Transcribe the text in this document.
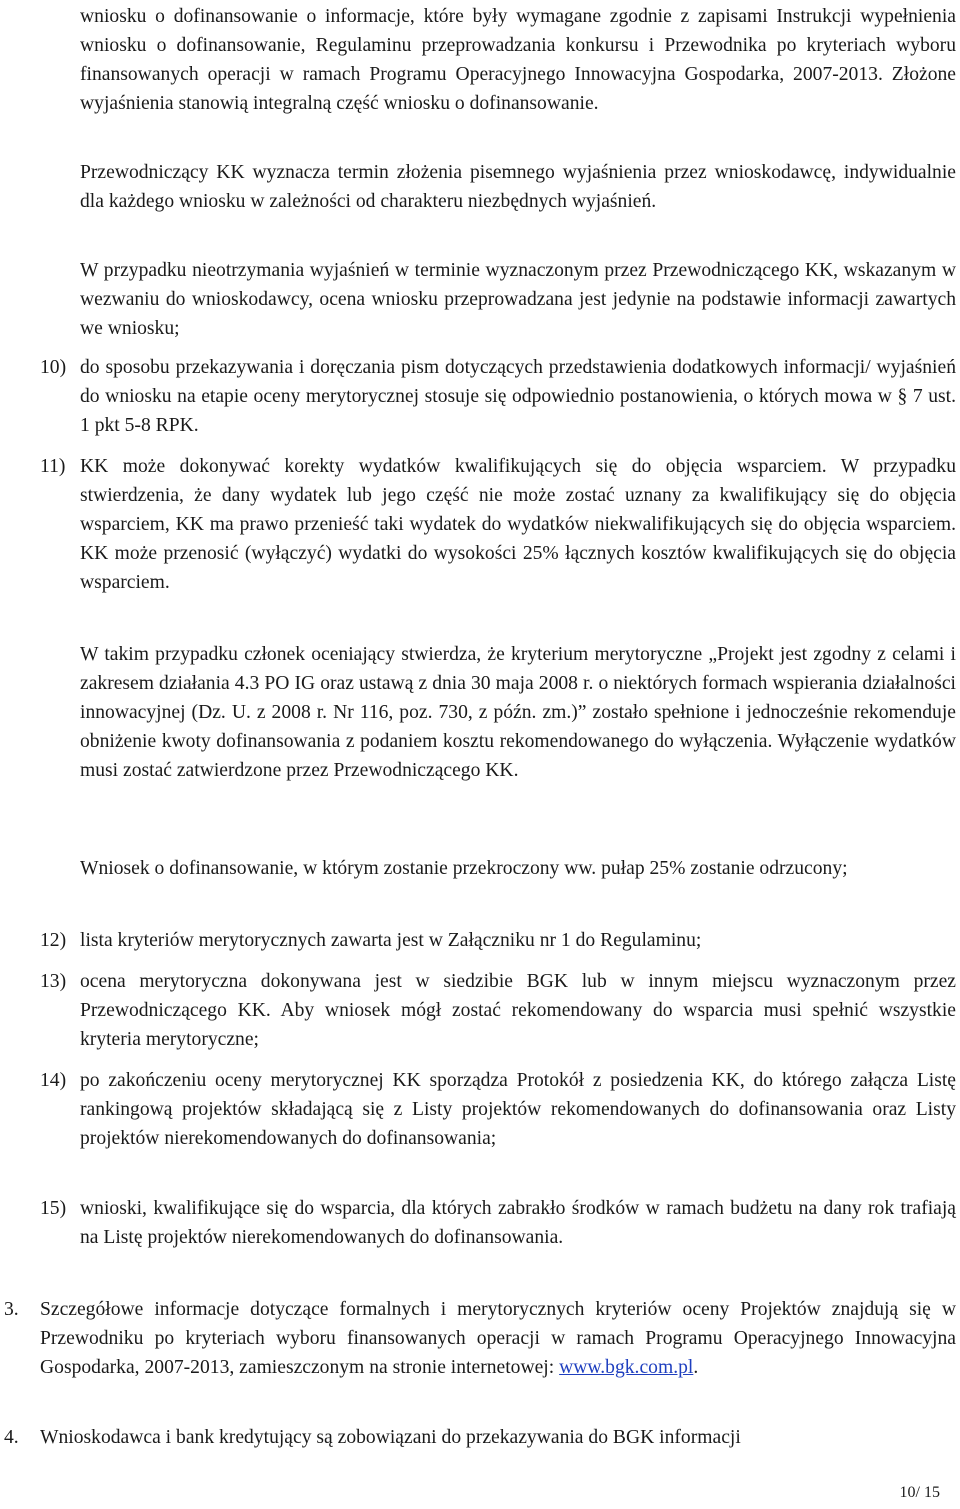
wniosku o dofinansowanie o informacje, które były wymagane zgodnie z zapisami Instrukcji wypełnienia wniosku o dofinansowanie, Regulaminu przeprowadzania konkursu i Przewodnika po kryteriach wyboru finansowanych operacji w ramach Programu Operacyjnego Innowacyjna Gospodarka, 2007-2013. Złożone wyjaśnienia stanowią integralną część wniosku o dofinansowanie.

Przewodniczący KK wyznacza termin złożenia pisemnego wyjaśnienia przez wnioskodawcę, indywidualnie dla każdego wniosku w zależności od charakteru niezbędnych wyjaśnień.

W przypadku nieotrzymania wyjaśnień w terminie wyznaczonym przez Przewodniczącego KK, wskazanym w wezwaniu do wnioskodawcy, ocena wniosku przeprowadzana jest jedynie na podstawie informacji zawartych we wniosku;

10) do sposobu przekazywania i doręczania pism dotyczących przedstawienia dodatkowych informacji/ wyjaśnień do wniosku na etapie oceny merytorycznej stosuje się odpowiednio postanowienia, o których mowa w § 7 ust. 1 pkt 5-8 RPK.
11) KK może dokonywać korekty wydatków kwalifikujących się do objęcia wsparciem. W przypadku stwierdzenia, że dany wydatek lub jego część nie może zostać uznany za kwalifikujący się do objęcia wsparciem, KK ma prawo przenieść taki wydatek do wydatków niekwalifikujących się do objęcia wsparciem. KK może przenosić (wyłączyć) wydatki do wysokości 25% łącznych kosztów kwalifikujących się do objęcia wsparciem.

W takim przypadku członek oceniający stwierdza, że kryterium merytoryczne „Projekt jest zgodny z celami i zakresem działania 4.3 PO IG oraz ustawą z dnia 30 maja 2008 r. o niektórych formach wspierania działalności innowacyjnej (Dz. U. z 2008 r. Nr 116, poz. 730, z późn. zm.)” zostało spełnione i jednocześnie rekomenduje obniżenie kwoty dofinansowania z podaniem kosztu rekomendowanego do wyłączenia. Wyłączenie wydatków musi zostać zatwierdzone przez Przewodniczącego KK.

Wniosek o dofinansowanie, w którym zostanie przekroczony ww. pułap 25% zostanie odrzucony;

12) lista kryteriów merytorycznych zawarta jest w Załączniku nr 1 do Regulaminu;
13) ocena merytoryczna dokonywana jest w siedzibie BGK lub w innym miejscu wyznaczonym przez Przewodniczącego KK. Aby wniosek mógł zostać rekomendowany do wsparcia musi spełnić wszystkie kryteria merytoryczne;
14) po zakończeniu oceny merytorycznej KK sporządza Protokół z posiedzenia KK, do którego załącza Listę rankingową projektów składającą się z Listy projektów rekomendowanych do dofinansowania oraz Listy projektów nierekomendowanych do dofinansowania;
15) wnioski, kwalifikujące się do wsparcia, dla których zabrakło środków w ramach budżetu na dany rok trafiają na Listę projektów nierekomendowanych do dofinansowania.
3.	Szczegółowe informacje dotyczące formalnych i merytorycznych kryteriów oceny Projektów znajdują się w Przewodniku po kryteriach wyboru finansowanych operacji w ramach Programu Operacyjnego Innowacyjna Gospodarka, 2007-2013, zamieszczonym na stronie internetowej: www.bgk.com.pl.
4.	Wnioskodawca i bank kredytujący są zobowiązani do przekazywania do BGK informacji
10/ 15
